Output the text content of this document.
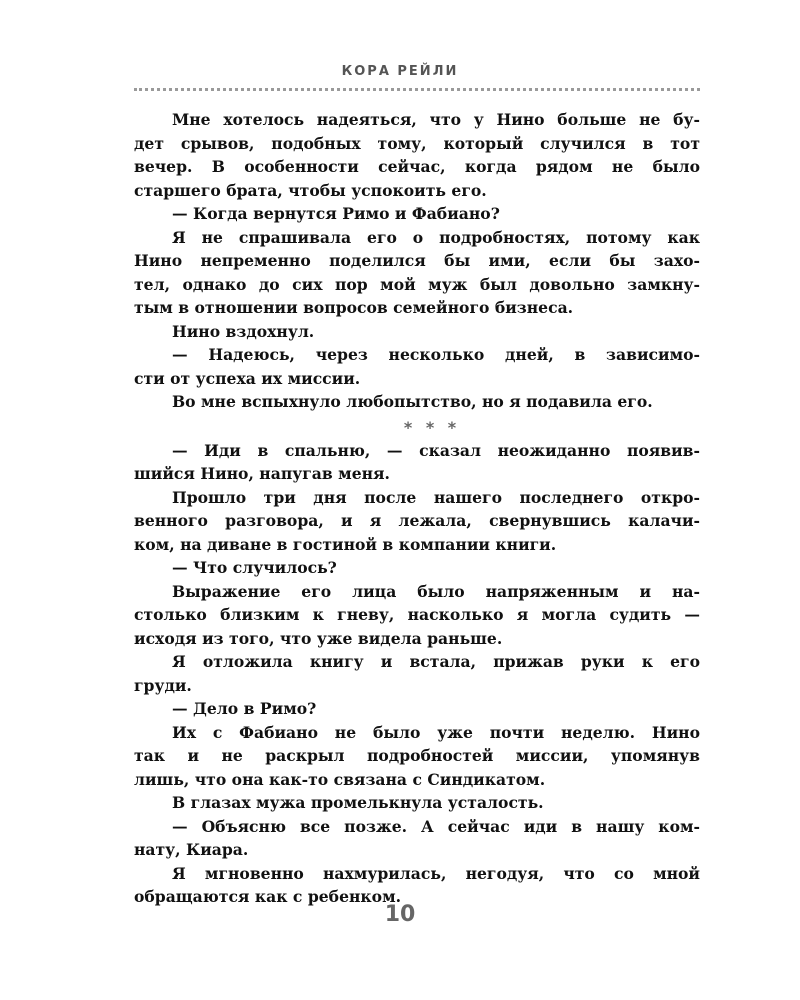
КОРА РЕЙЛИ
Мне хотелось надеяться, что у Нино больше не бу-
дет срывов, подобных тому, который случился в тот
вечер. В особенности сейчас, когда рядом не было
старшего брата, чтобы успокоить его.
— Когда вернутся Римо и Фабиано?
Я не спрашивала его о подробностях, потому как
Нино непременно поделился бы ими, если бы захо-
тел, однако до сих пор мой муж был довольно замкну-
тым в отношении вопросов семейного бизнеса.
Нино вздохнул.
— Надеюсь, через несколько дней, в зависимо-
сти от успеха их миссии.
Во мне вспыхнуло любопытство, но я подавила его.
* * *
— Иди в спальню, — сказал неожиданно появив-
шийся Нино, напугав меня.
Прошло три дня после нашего последнего откро-
венного разговора, и я лежала, свернувшись калачи-
ком, на диване в гостиной в компании книги.
— Что случилось?
Выражение его лица было напряженным и на-
столько близким к гневу, насколько я могла судить —
исходя из того, что уже видела раньше.
Я отложила книгу и встала, прижав руки к его
груди.
— Дело в Римо?
Их с Фабиано не было уже почти неделю. Нино
так и не раскрыл подробностей миссии, упомянув
лишь, что она как-то связана с Синдикатом.
В глазах мужа промелькнула усталость.
— Объясню все позже. А сейчас иди в нашу ком-
нату, Киара.
Я мгновенно нахмурилась, негодуя, что со мной
обращаются как с ребенком.
10
